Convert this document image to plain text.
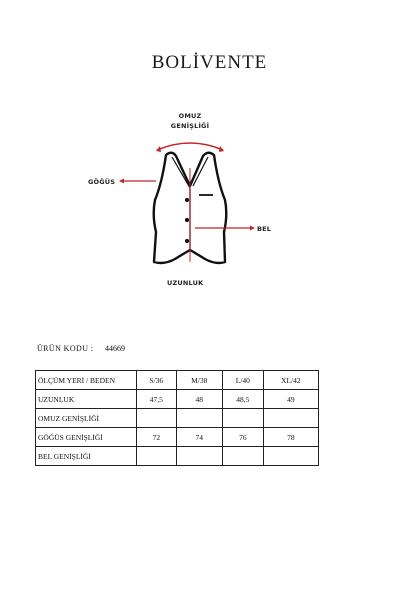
BOLİVENTE
OMUZ
GENİŞLİĞİ
GÖĞÜS
BEL
UZUNLUK
ÜRÜN KODU : 44669
ÖLÇÜM YERİ / BEDEN	S/36	M/38	L/40	XL/42
UZUNLUK	47,5	48	48,5	49
OMUZ GENİŞLİĞİ				
GÖĞÜS GENİŞLİĞİ	72	74	76	78
BEL GENİŞLİĞİ				
